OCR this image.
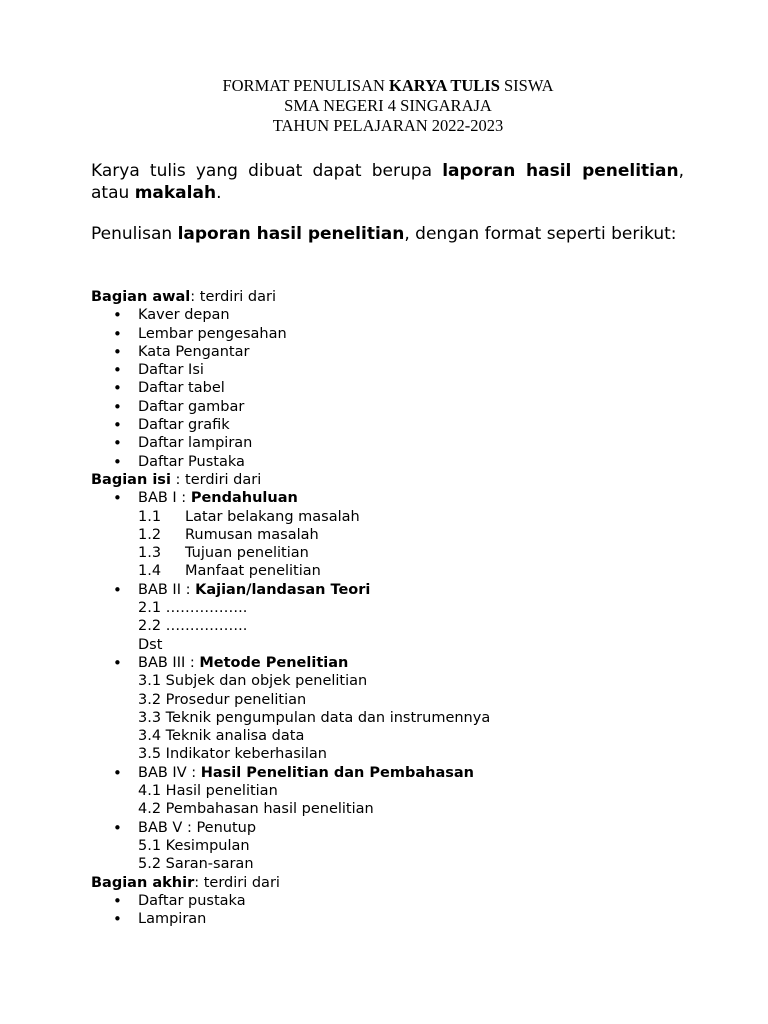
FORMAT PENULISAN KARYA TULIS SISWA
SMA NEGERI 4 SINGARAJA
TAHUN PELAJARAN 2022-2023
Karya tulis yang dibuat dapat berupa laporan hasil penelitian, atau makalah.
Penulisan laporan hasil penelitian, dengan format seperti berikut:
Bagian awal: terdiri dari
• Kaver depan
• Lembar pengesahan
• Kata Pengantar
• Daftar Isi
• Daftar tabel
• Daftar gambar
• Daftar grafik
• Daftar lampiran
• Daftar Pustaka
Bagian isi : terdiri dari
• BAB I : Pendahuluan
1.1 Latar belakang masalah
1.2 Rumusan masalah
1.3 Tujuan penelitian
1.4 Manfaat penelitian
• BAB II : Kajian/landasan Teori
2.1 ……………..
2.2 ……………..
Dst
• BAB III : Metode Penelitian
3.1 Subjek dan objek penelitian
3.2 Prosedur penelitian
3.3 Teknik pengumpulan data dan instrumennya
3.4 Teknik analisa data
3.5 Indikator keberhasilan
• BAB IV : Hasil Penelitian dan Pembahasan
4.1 Hasil penelitian
4.2 Pembahasan hasil penelitian
• BAB V : Penutup
5.1 Kesimpulan
5.2 Saran-saran
Bagian akhir: terdiri dari
• Daftar pustaka
• Lampiran
